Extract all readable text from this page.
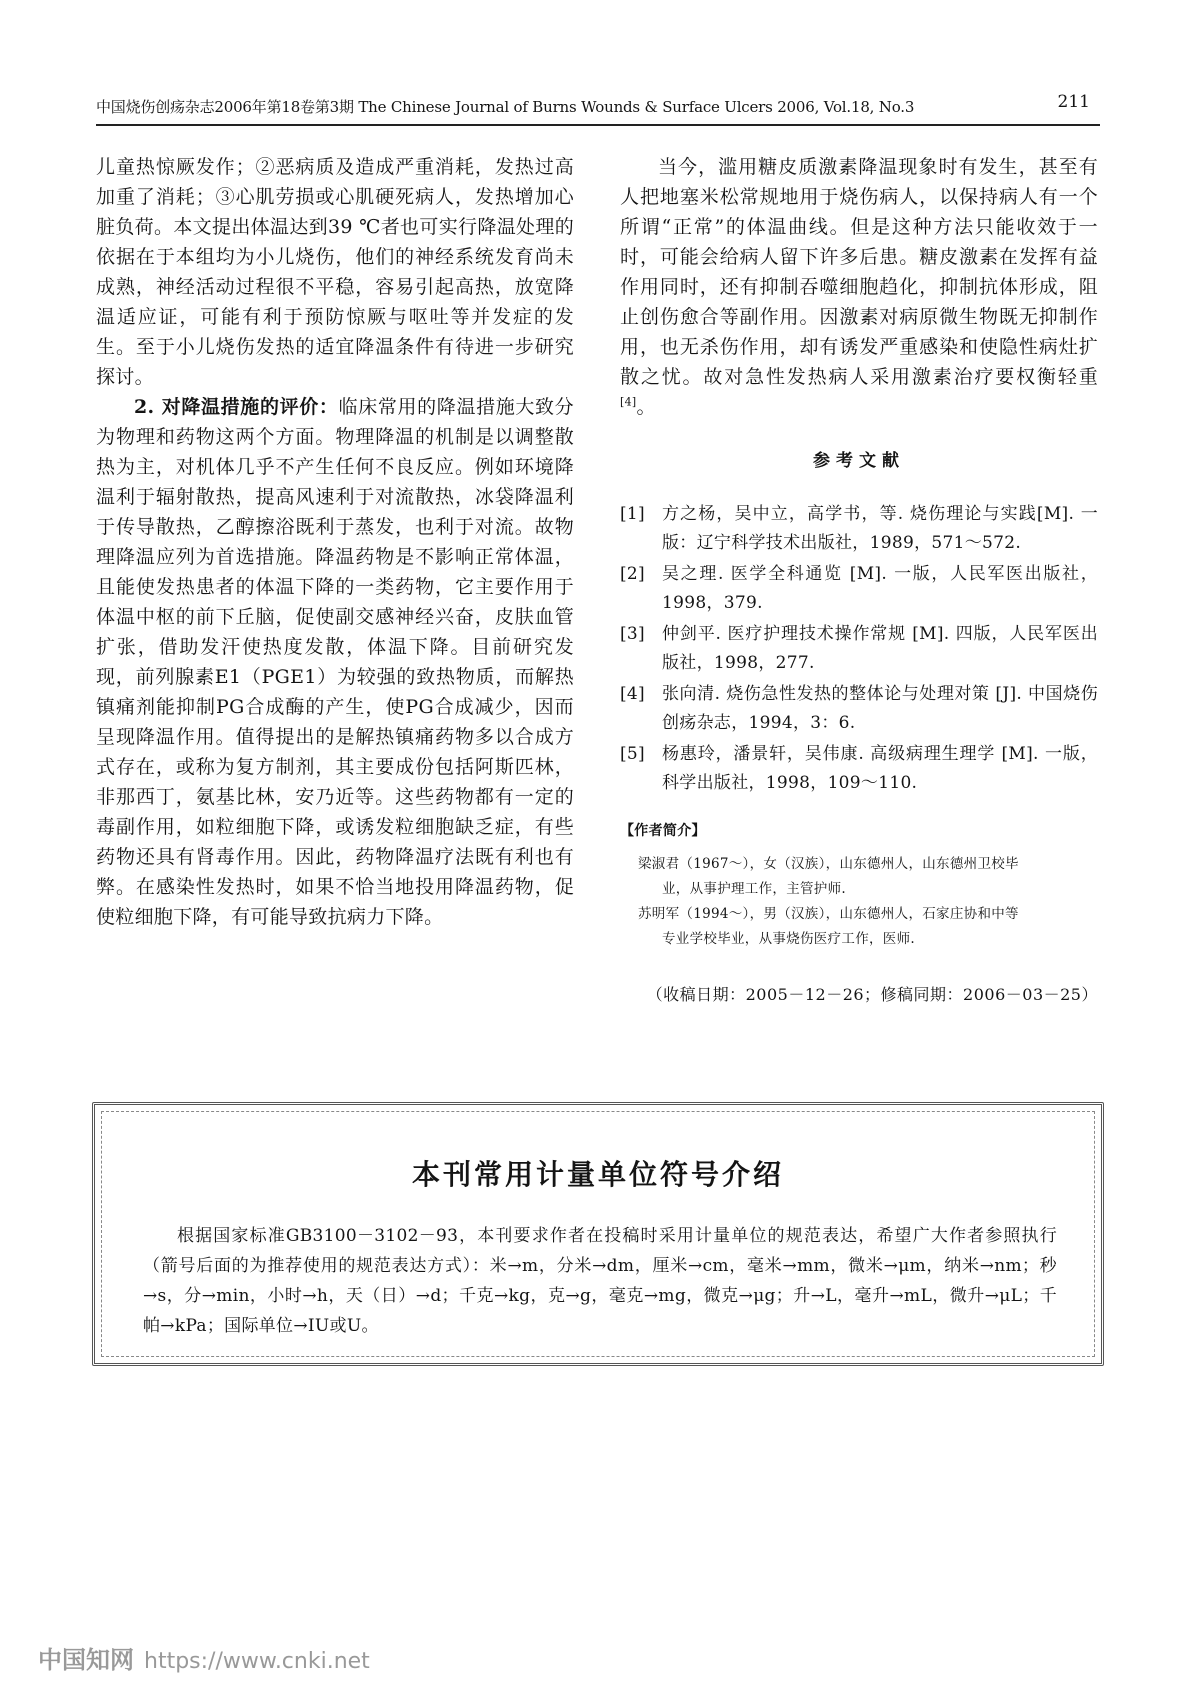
中国烧伤创疡杂志2006年第18卷第3期 The Chinese Journal of Burns Wounds & Surface Ulcers 2006, Vol.18, No.3	211

儿童热惊厥发作；②恶病质及造成严重消耗，发热过高加重了消耗；③心肌劳损或心肌硬死病人，发热增加心脏负荷。本文提出体温达到39 ℃者也可实行降温处理的依据在于本组均为小儿烧伤，他们的神经系统发育尚未成熟，神经活动过程很不平稳，容易引起高热，放宽降温适应证，可能有利于预防惊厥与呕吐等并发症的发生。至于小儿烧伤发热的适宜降温条件有待进一步研究探讨。

2. 对降温措施的评价：临床常用的降温措施大致分为物理和药物这两个方面。物理降温的机制是以调整散热为主，对机体几乎不产生任何不良反应。例如环境降温利于辐射散热，提高风速利于对流散热，冰袋降温利于传导散热，乙醇擦浴既利于蒸发，也利于对流。故物理降温应列为首选措施。降温药物是不影响正常体温，且能使发热患者的体温下降的一类药物，它主要作用于体温中枢的前下丘脑，促使副交感神经兴奋，皮肤血管扩张，借助发汗使热度发散，体温下降。目前研究发现，前列腺素E1（PGE1）为较强的致热物质，而解热镇痛剂能抑制PG合成酶的产生，使PG合成减少，因而呈现降温作用。值得提出的是解热镇痛药物多以合成方式存在，或称为复方制剂，其主要成份包括阿斯匹林，非那西丁，氨基比林，安乃近等。这些药物都有一定的毒副作用，如粒细胞下降，或诱发粒细胞缺乏症，有些药物还具有肾毒作用。因此，药物降温疗法既有利也有弊。在感染性发热时，如果不恰当地投用降温药物，促使粒细胞下降，有可能导致抗病力下降。

当今，滥用糖皮质激素降温现象时有发生，甚至有人把地塞米松常规地用于烧伤病人，以保持病人有一个所谓“正常”的体温曲线。但是这种方法只能收效于一时，可能会给病人留下许多后患。糖皮激素在发挥有益作用同时，还有抑制吞噬细胞趋化，抑制抗体形成，阻止创伤愈合等副作用。因激素对病原微生物既无抑制作用，也无杀伤作用，却有诱发严重感染和使隐性病灶扩散之忧。故对急性发热病人采用激素治疗要权衡轻重[4]。

参考文献
[1]	方之杨，吴中立，高学书，等. 烧伤理论与实践[M]. 一版：辽宁科学技术出版社，1989，571～572.
[2]	吴之理. 医学全科通览 [M]. 一版，人民军医出版社，1998，379.
[3]	仲剑平. 医疗护理技术操作常规 [M]. 四版，人民军医出版社，1998，277.
[4]	张向清. 烧伤急性发热的整体论与处理对策 [J]. 中国烧伤创疡杂志，1994，3：6.
[5]	杨惠玲，潘景轩，吴伟康. 高级病理生理学 [M]. 一版，科学出版社，1998，109～110.
【作者简介】
梁淑君（1967～），女（汉族），山东德州人，山东德州卫校毕
业，从事护理工作，主管护师.
苏明军（1994～），男（汉族），山东德州人，石家庄协和中等
专业学校毕业，从事烧伤医疗工作，医师.
（收稿日期：2005－12－26；修稿同期：2006－03－25）
本刊常用计量单位符号介绍
根据国家标准GB3100－3102－93，本刊要求作者在投稿时采用计量单位的规范表达，希望广大作者参照执行（箭号后面的为推荐使用的规范表达方式）：米→m，分米→dm，厘米→cm，毫米→mm，微米→μm，纳米→nm；秒→s，分→min，小时→h，天（日）→d；千克→kg，克→g，毫克→mg，微克→μg；升→L，毫升→mL，微升→μL；千帕→kPa；国际单位→IU或U。
中国知网 https://www.cnki.net
